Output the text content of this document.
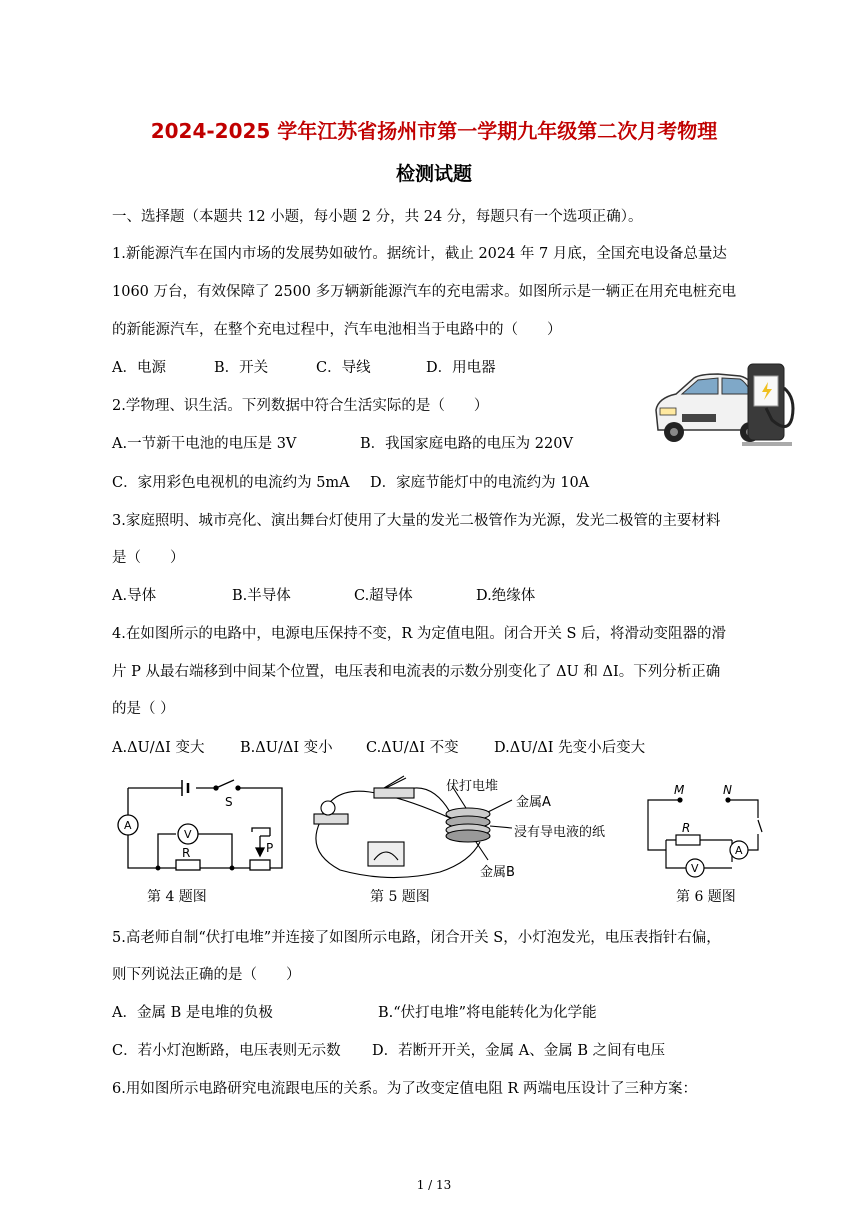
2024-2025 学年江苏省扬州市第一学期九年级第二次月考物理
检测试题
一、选择题（本题共 12 小题，每小题 2 分，共 24 分，每题只有一个选项正确）。
1.新能源汽车在国内市场的发展势如破竹。据统计，截止 2024 年 7 月底，全国充电设备总量达
1060 万台，有效保障了 2500 多万辆新能源汽车的充电需求。如图所示是一辆正在用充电桩充电
的新能源汽车，在整个充电过程中，汽车电池相当于电路中的（　　）
A．电源	B．开关	C．导线	D．用电器
2.学物理、识生活。下列数据中符合生活实际的是（　　）
A.一节新干电池的电压是 3V	B．我国家庭电路的电压为 220V
C．家用彩色电视机的电流约为 5mA D．家庭节能灯中的电流约为 10A
3.家庭照明、城市亮化、演出舞台灯使用了大量的发光二极管作为光源，发光二极管的主要材料
是（　　）
A.导体	B.半导体	C.超导体	D.绝缘体
4.在如图所示的电路中，电源电压保持不变，R 为定值电阻。闭合开关 S 后，将滑动变阻器的滑
片 P 从最右端移到中间某个位置，电压表和电流表的示数分别变化了 ΔU 和 ΔI。下列分析正确
的是（ ）
A.ΔU/ΔI 变大 B.ΔU/ΔI 变小 C.ΔU/ΔI 不变 D.ΔU/ΔI 先变小后变大
S
A
V
R	P
第 4 题图
伏打电堆
金属A
浸有导电液的纸
金属B
第 5 题图
M	N
R
A
V
第 6 题图
5.高老师自制“伏打电堆”并连接了如图所示电路，闭合开关 S，小灯泡发光，电压表指针右偏，
则下列说法正确的是（　　）
A．金属 B 是电堆的负极	B.“伏打电堆”将电能转化为化学能
C．若小灯泡断路，电压表则无示数 D．若断开开关，金属 A、金属 B 之间有电压
6.用如图所示电路研究电流跟电压的关系。为了改变定值电阻 R 两端电压设计了三种方案：
1 / 13
